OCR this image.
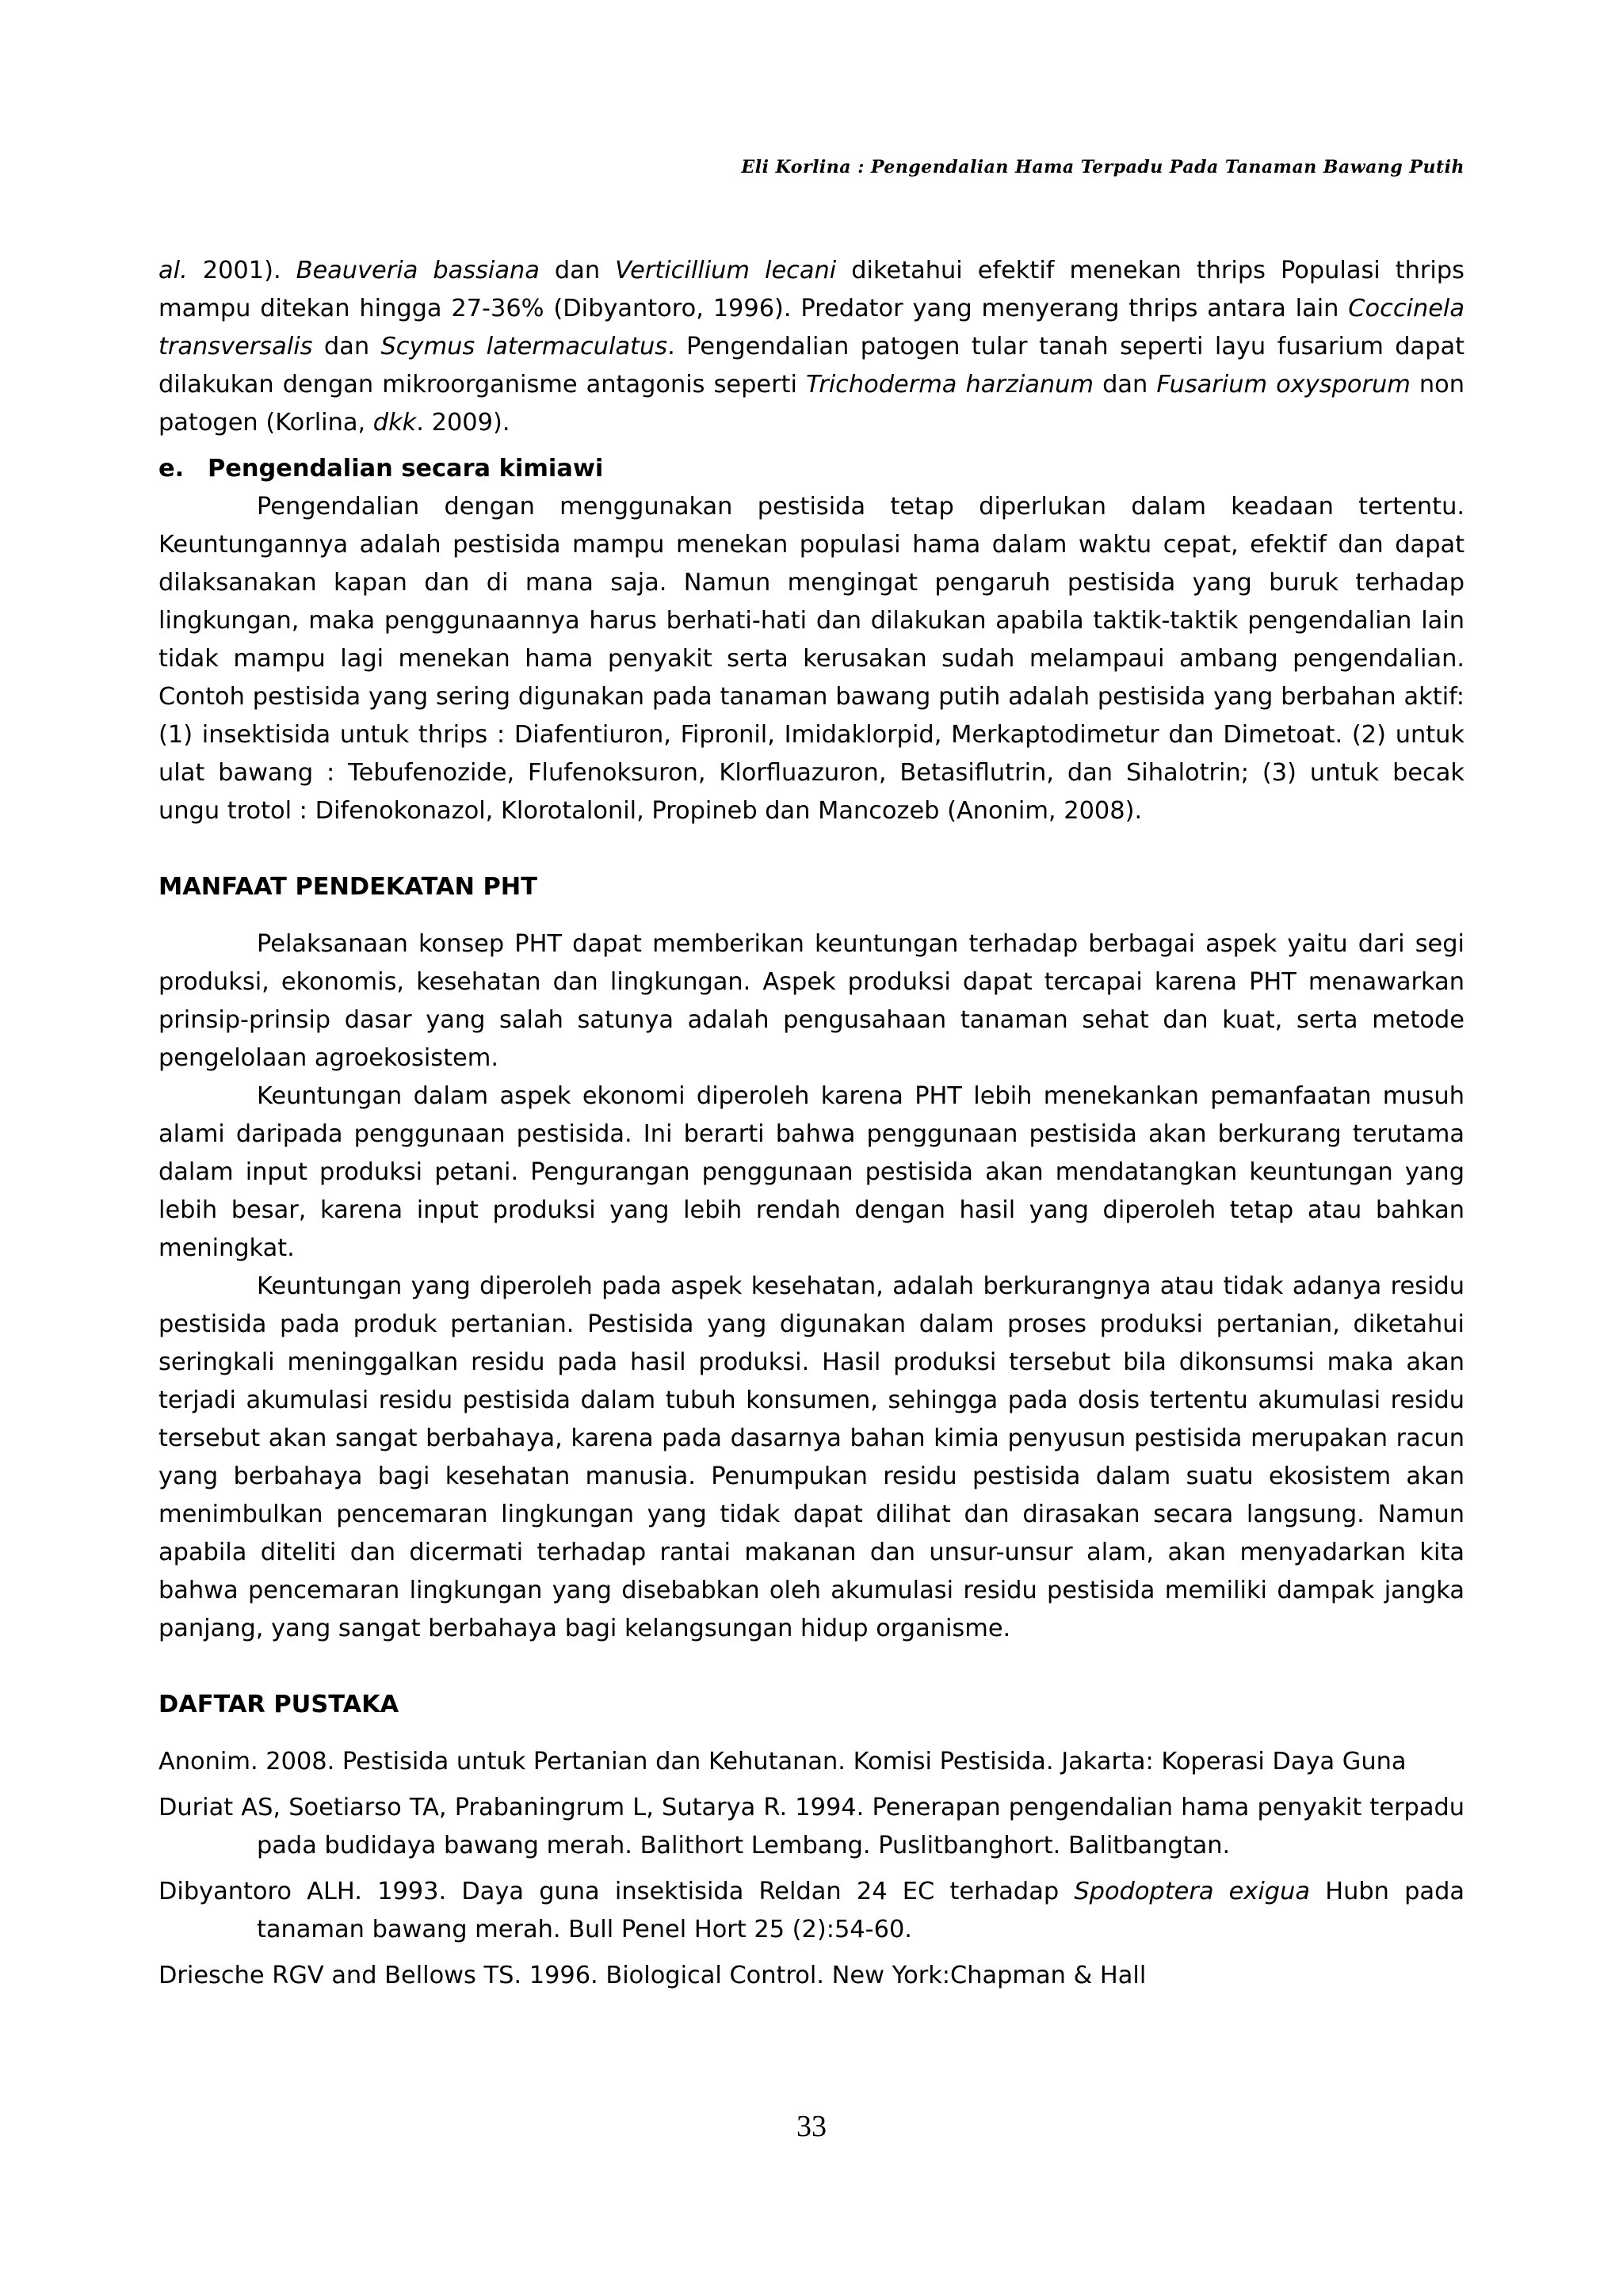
Eli Korlina : Pengendalian Hama Terpadu Pada Tanaman Bawang Putih

al. 2001). Beauveria bassiana dan Verticillium lecani diketahui efektif menekan thrips Populasi thrips mampu ditekan hingga 27-36% (Dibyantoro, 1996). Predator yang menyerang thrips antara lain Coccinela transversalis dan Scymus latermaculatus. Pengendalian patogen tular tanah seperti layu fusarium dapat dilakukan dengan mikroorganisme antagonis seperti Trichoderma harzianum dan Fusarium oxysporum non patogen (Korlina, dkk. 2009).

e. Pengendalian secara kimiawi

Pengendalian dengan menggunakan pestisida tetap diperlukan dalam keadaan tertentu. Keuntungannya adalah pestisida mampu menekan populasi hama dalam waktu cepat, efektif dan dapat dilaksanakan kapan dan di mana saja. Namun mengingat pengaruh pestisida yang buruk terhadap lingkungan, maka penggunaannya harus berhati-hati dan dilakukan apabila taktik-taktik pengendalian lain tidak mampu lagi menekan hama penyakit serta kerusakan sudah melampaui ambang pengendalian. Contoh pestisida yang sering digunakan pada tanaman bawang putih adalah pestisida yang berbahan aktif: (1) insektisida untuk thrips : Diafentiuron, Fipronil, Imidaklorpid, Merkaptodimetur dan Dimetoat. (2) untuk ulat bawang : Tebufenozide, Flufenoksuron, Klorfluazuron, Betasiflutrin, dan Sihalotrin; (3) untuk becak ungu trotol : Difenokonazol, Klorotalonil, Propineb dan Mancozeb (Anonim, 2008).

MANFAAT PENDEKATAN PHT

Pelaksanaan konsep PHT dapat memberikan keuntungan terhadap berbagai aspek yaitu dari segi produksi, ekonomis, kesehatan dan lingkungan. Aspek produksi dapat tercapai karena PHT menawarkan prinsip-prinsip dasar yang salah satunya adalah pengusahaan tanaman sehat dan kuat, serta metode pengelolaan agroekosistem.

Keuntungan dalam aspek ekonomi diperoleh karena PHT lebih menekankan pemanfaatan musuh alami daripada penggunaan pestisida. Ini berarti bahwa penggunaan pestisida akan berkurang terutama dalam input produksi petani. Pengurangan penggunaan pestisida akan mendatangkan keuntungan yang lebih besar, karena input produksi yang lebih rendah dengan hasil yang diperoleh tetap atau bahkan meningkat.

Keuntungan yang diperoleh pada aspek kesehatan, adalah berkurangnya atau tidak adanya residu pestisida pada produk pertanian. Pestisida yang digunakan dalam proses produksi pertanian, diketahui seringkali meninggalkan residu pada hasil produksi. Hasil produksi tersebut bila dikonsumsi maka akan terjadi akumulasi residu pestisida dalam tubuh konsumen, sehingga pada dosis tertentu akumulasi residu tersebut akan sangat berbahaya, karena pada dasarnya bahan kimia penyusun pestisida merupakan racun yang berbahaya bagi kesehatan manusia. Penumpukan residu pestisida dalam suatu ekosistem akan menimbulkan pencemaran lingkungan yang tidak dapat dilihat dan dirasakan secara langsung. Namun apabila diteliti dan dicermati terhadap rantai makanan dan unsur-unsur alam, akan menyadarkan kita bahwa pencemaran lingkungan yang disebabkan oleh akumulasi residu pestisida memiliki dampak jangka panjang, yang sangat berbahaya bagi kelangsungan hidup organisme.

DAFTAR PUSTAKA

Anonim. 2008. Pestisida untuk Pertanian dan Kehutanan. Komisi Pestisida. Jakarta: Koperasi Daya Guna

Duriat AS, Soetiarso TA, Prabaningrum L, Sutarya R. 1994. Penerapan pengendalian hama penyakit terpadu pada budidaya bawang merah. Balithort Lembang. Puslitbanghort. Balitbangtan.

Dibyantoro ALH. 1993. Daya guna insektisida Reldan 24 EC terhadap Spodoptera exigua Hubn pada tanaman bawang merah. Bull Penel Hort 25 (2):54-60.

Driesche RGV and Bellows TS. 1996. Biological Control. New York:Chapman & Hall

33
